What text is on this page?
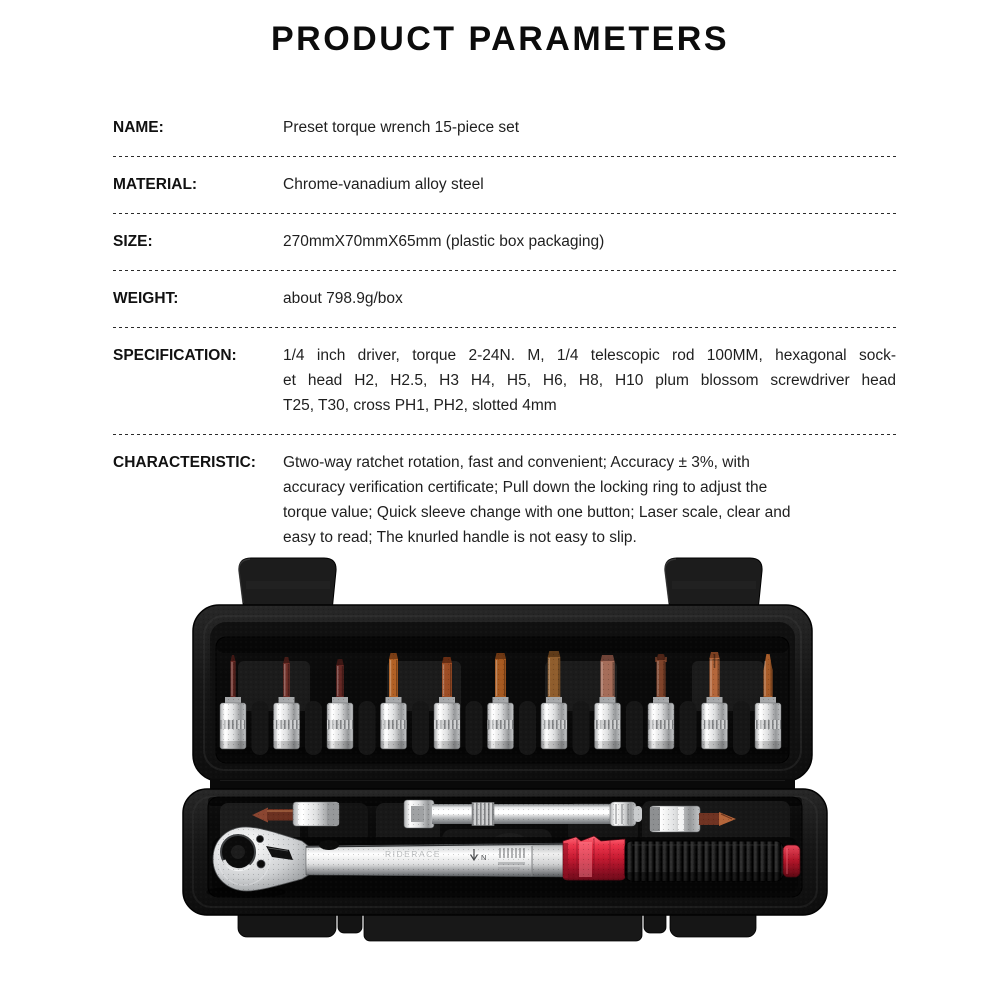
PRODUCT PARAMETERS
NAME:	Preset torque wrench 15-piece set
MATERIAL:	Chrome-vanadium alloy steel
SIZE:	270mmX70mmX65mm (plastic box packaging)
WEIGHT:	about 798.9g/box
SPECIFICATION:	1/4 inch driver, torque 2-24N. M, 1/4 telescopic rod 100MM, hexagonal sock-
et head H2, H2.5, H3 H4, H5, H6, H8, H10 plum blossom screwdriver head
T25, T30, cross PH1, PH2, slotted 4mm
CHARACTERISTIC:	Gtwo-way ratchet rotation, fast and convenient; Accuracy ± 3%, with
accuracy verification certificate; Pull down the locking ring to adjust the
torque value; Quick sleeve change with one button; Laser scale, clear and
easy to read; The knurled handle is not easy to slip.
